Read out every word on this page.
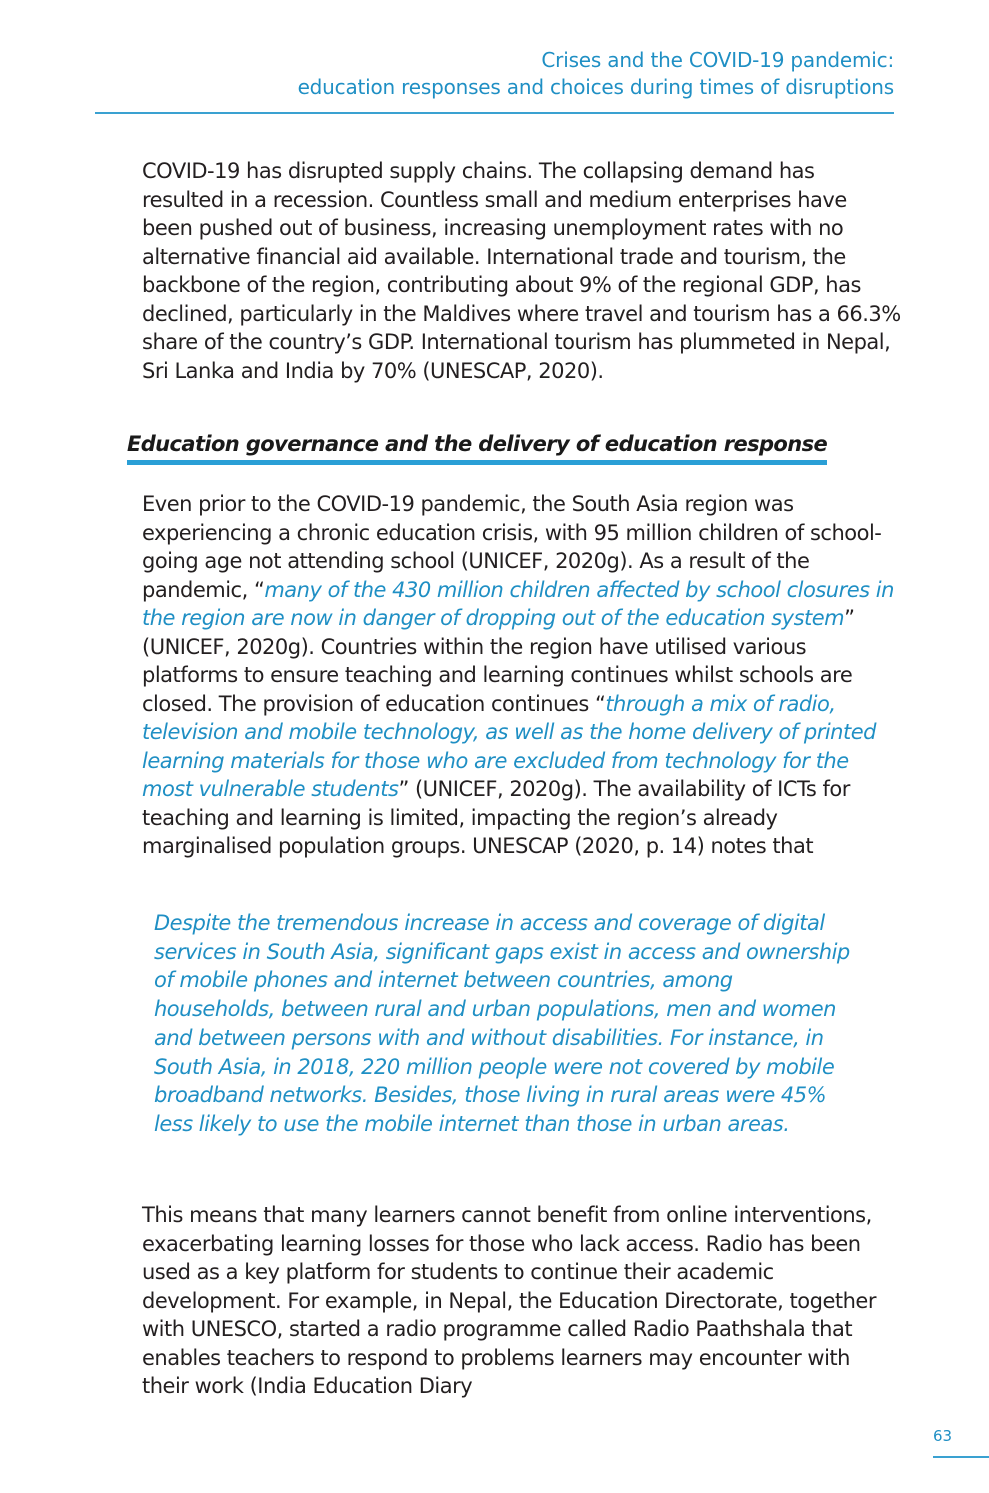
Crises and the COVID-19 pandemic:
education responses and choices during times of disruptions

COVID-19 has disrupted supply chains. The collapsing demand has resulted in a recession. Countless small and medium enterprises have been pushed out of business, increasing unemployment rates with no alternative financial aid available. International trade and tourism, the backbone of the region, contributing about 9% of the regional GDP, has declined, particularly in the Maldives where travel and tourism has a 66.3% share of the country’s GDP. International tourism has plummeted in Nepal, Sri Lanka and India by 70% (UNESCAP, 2020).

Education governance and the delivery of education response

Even prior to the COVID-19 pandemic, the South Asia region was experiencing a chronic education crisis, with 95 million children of school-going age not attending school (UNICEF, 2020g). As a result of the pandemic, “many of the 430 million children affected by school closures in the region are now in danger of dropping out of the education system” (UNICEF, 2020g). Countries within the region have utilised various platforms to ensure teaching and learning continues whilst schools are closed. The provision of education continues “through a mix of radio, television and mobile technology, as well as the home delivery of printed learning materials for those who are excluded from technology for the most vulnerable students” (UNICEF, 2020g). The availability of ICTs for teaching and learning is limited, impacting the region’s already marginalised population groups. UNESCAP (2020, p. 14) notes that

Despite the tremendous increase in access and coverage of digital services in South Asia, significant gaps exist in access and ownership of mobile phones and internet between countries, among households, between rural and urban populations, men and women and between persons with and without disabilities. For instance, in South Asia, in 2018, 220 million people were not covered by mobile broadband networks. Besides, those living in rural areas were 45% less likely to use the mobile internet than those in urban areas.

This means that many learners cannot benefit from online interventions, exacerbating learning losses for those who lack access. Radio has been used as a key platform for students to continue their academic development. For example, in Nepal, the Education Directorate, together with UNESCO, started a radio programme called Radio Paathshala that enables teachers to respond to problems learners may encounter with their work (India Education Diary

63
